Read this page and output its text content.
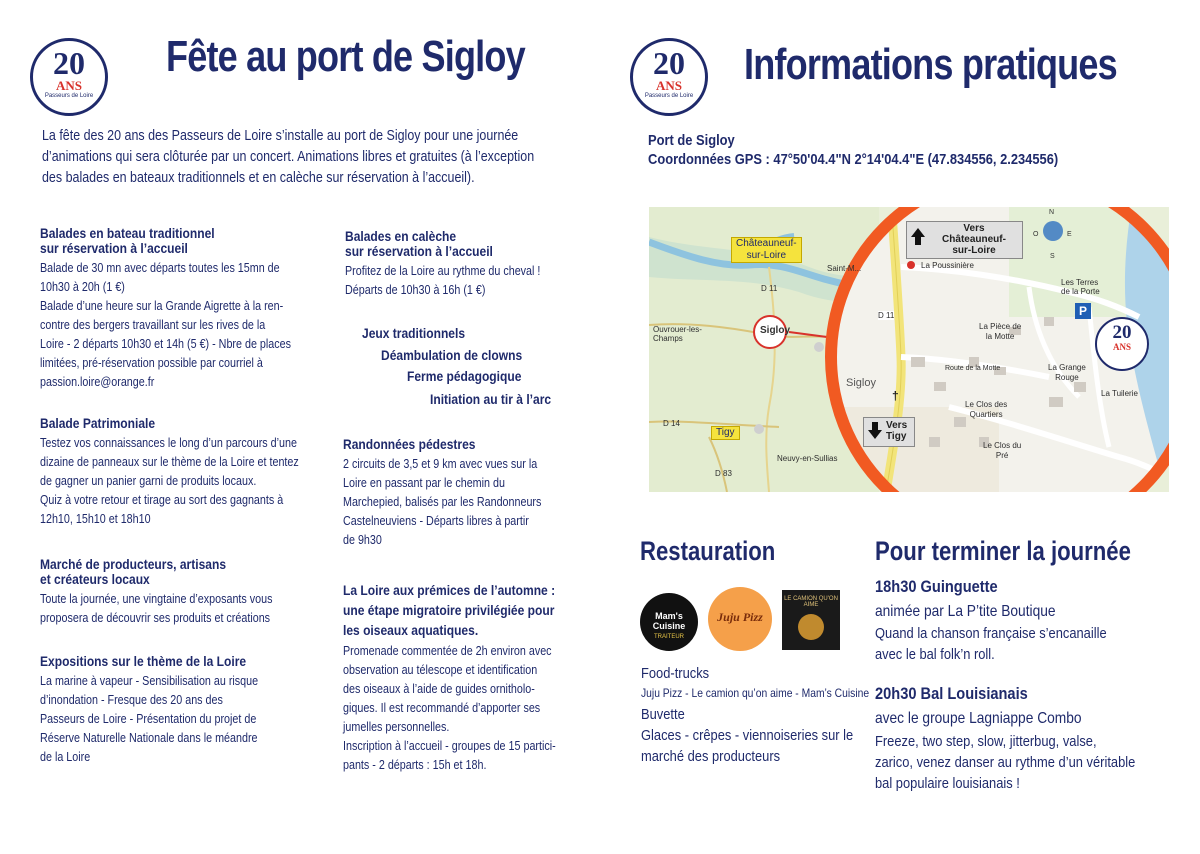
20
ANS
Passeurs de Loire
Fête au port de Sigloy
La fête des 20 ans des Passeurs de Loire s’installe au port de Sigloy pour une journée
d’animations qui sera clôturée par un concert. Animations libres et gratuites (à l’exception
des balades en bateaux traditionnels et en calèche sur réservation à l’accueil).
Balades en bateau traditionnel
sur réservation à l’accueil
Balade de 30 mn avec départs toutes les 15mn de
10h30 à 20h (1 €)
Balade d’une heure sur la Grande Aigrette à la ren-
contre des bergers travaillant sur les rives de la
Loire - 2 départs 10h30 et 14h (5 €) - Nbre de places
limitées, pré-réservation possible par courriel à
passion.loire@orange.fr
Balade Patrimoniale
Testez vos connaissances le long d’un parcours d’une
dizaine de panneaux sur le thème de la Loire et tentez
de gagner un panier garni de produits locaux.
Quiz à votre retour et tirage au sort des gagnants à
12h10, 15h10 et 18h10
Marché de producteurs, artisans
et créateurs locaux
Toute la journée, une vingtaine d’exposants vous
proposera de découvrir ses produits et créations
Expositions sur le thème de la Loire
La marine à vapeur - Sensibilisation au risque
d’inondation - Fresque des 20 ans des
Passeurs de Loire - Présentation du projet de
Réserve Naturelle Nationale dans le méandre
de la Loire
Balades en calèche
sur réservation à l’accueil
Profitez de la Loire au rythme du cheval !
Départs de 10h30 à 16h (1 €)
Jeux traditionnels
Déambulation de clowns
Ferme pédagogique
Initiation au tir à l’arc
Randonnées pédestres
2 circuits de 3,5 et 9 km avec vues sur la
Loire en passant par le chemin du
Marchepied, balisés par les Randonneurs
Castelneuviens - Départs libres à partir
de 9h30
La Loire aux prémices de l’automne :
une étape migratoire privilégiée pour
les oiseaux aquatiques.
Promenade commentée de 2h environ avec
observation au télescope et identification
des oiseaux à l’aide de guides ornitholo-
giques. Il est recommandé d’apporter ses
jumelles personnelles.
Inscription à l’accueil - groupes de 15 partici-
pants - 2 départs : 15h et 18h.
20
ANS
Passeurs de Loire
Informations pratiques
Port de Sigloy
Coordonnées GPS : 47°50'04.4"N 2°14'04.4"E (47.834556, 2.234556)
Châteauneuf-
sur-Loire
Sigloy
Tigy
D 11
D 14
D 83
Saint-M...
Ouvrouer-les-
Champs
Neuvy-en-Sullias
Vers
Châteauneuf-
sur-Loire
Vers
Tigy
La Poussinière
Les Terres
de la Porte
La Pièce de
la Motte
Route de la Motte	La Grange
Rouge
La Tuilerie
Le Clos des
Quartiers
Le Clos du
Pré
D 11
Sigloy
P
†
N
S
E
O
20
ANS
Restauration
Mam's Cuisine
TRAITEUR
Juju Pizz
LE CAMION QU'ON AIME
Food-trucks
Juju Pizz - Le camion qu’on aime - Mam’s Cuisine
Buvette
Glaces - crêpes - viennoiseries sur le
marché des producteurs
Pour terminer la journée
18h30 Guinguette
animée par La P’tite Boutique
Quand la chanson française s’encanaille
avec le bal folk’n roll.
20h30 Bal Louisianais
avec le groupe Lagniappe Combo
Freeze, two step, slow, jitterbug, valse,
zarico, venez danser au rythme d’un véritable
bal populaire louisianais !
